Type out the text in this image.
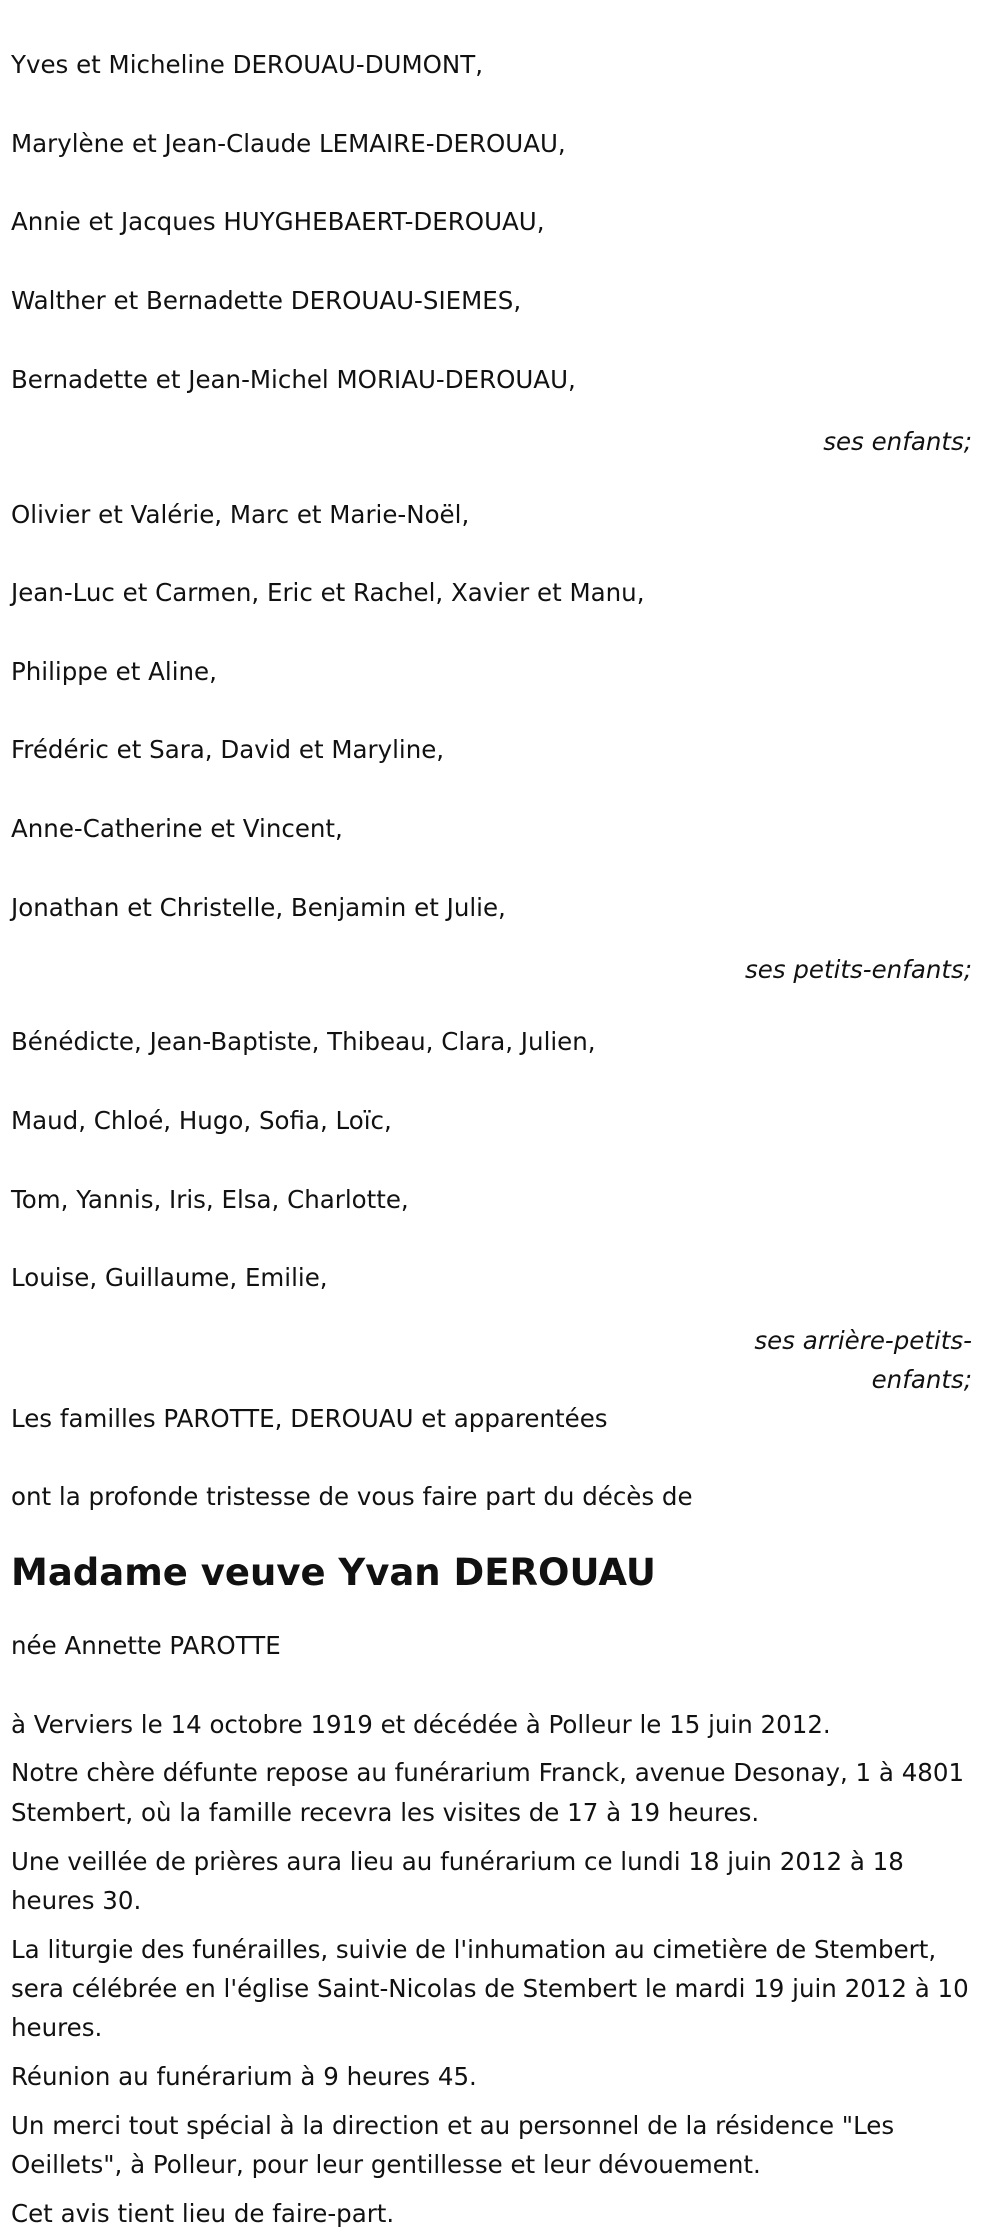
Yves et Micheline DEROUAU-DUMONT,

Marylène et Jean-Claude LEMAIRE-DEROUAU,

Annie et Jacques HUYGHEBAERT-DEROUAU,

Walther et Bernadette DEROUAU-SIEMES,

Bernadette et Jean-Michel MORIAU-DEROUAU,

ses enfants;

Olivier et Valérie, Marc et Marie-Noël,

Jean-Luc et Carmen, Eric et Rachel, Xavier et Manu,

Philippe et Aline,

Frédéric et Sara, David et Maryline,

Anne-Catherine et Vincent,

Jonathan et Christelle, Benjamin et Julie,

ses petits-enfants;

Bénédicte, Jean-Baptiste, Thibeau, Clara, Julien,

Maud, Chloé, Hugo, Sofia, Loïc,

Tom, Yannis, Iris, Elsa, Charlotte,

Louise, Guillaume, Emilie,

ses arrière-petits-
enfants;

Les familles PAROTTE, DEROUAU et apparentées

ont la profonde tristesse de vous faire part du décès de

Madame veuve Yvan DEROUAU

née Annette PAROTTE

à Verviers le 14 octobre 1919 et décédée à Polleur le 15 juin 2012.

Notre chère défunte repose au funérarium Franck, avenue Desonay, 1 à 4801 Stembert, où la famille recevra les visites de 17 à 19 heures.

Une veillée de prières aura lieu au funérarium ce lundi 18 juin 2012 à 18 heures 30.

La liturgie des funérailles, suivie de l'inhumation au cimetière de Stembert, sera célébrée en l'église Saint-Nicolas de Stembert le mardi 19 juin 2012 à 10 heures.

Réunion au funérarium à 9 heures 45.

Un merci tout spécial à la direction et au personnel de la résidence "Les Oeillets", à Polleur, pour leur gentillesse et leur dévouement.

Cet avis tient lieu de faire-part.
